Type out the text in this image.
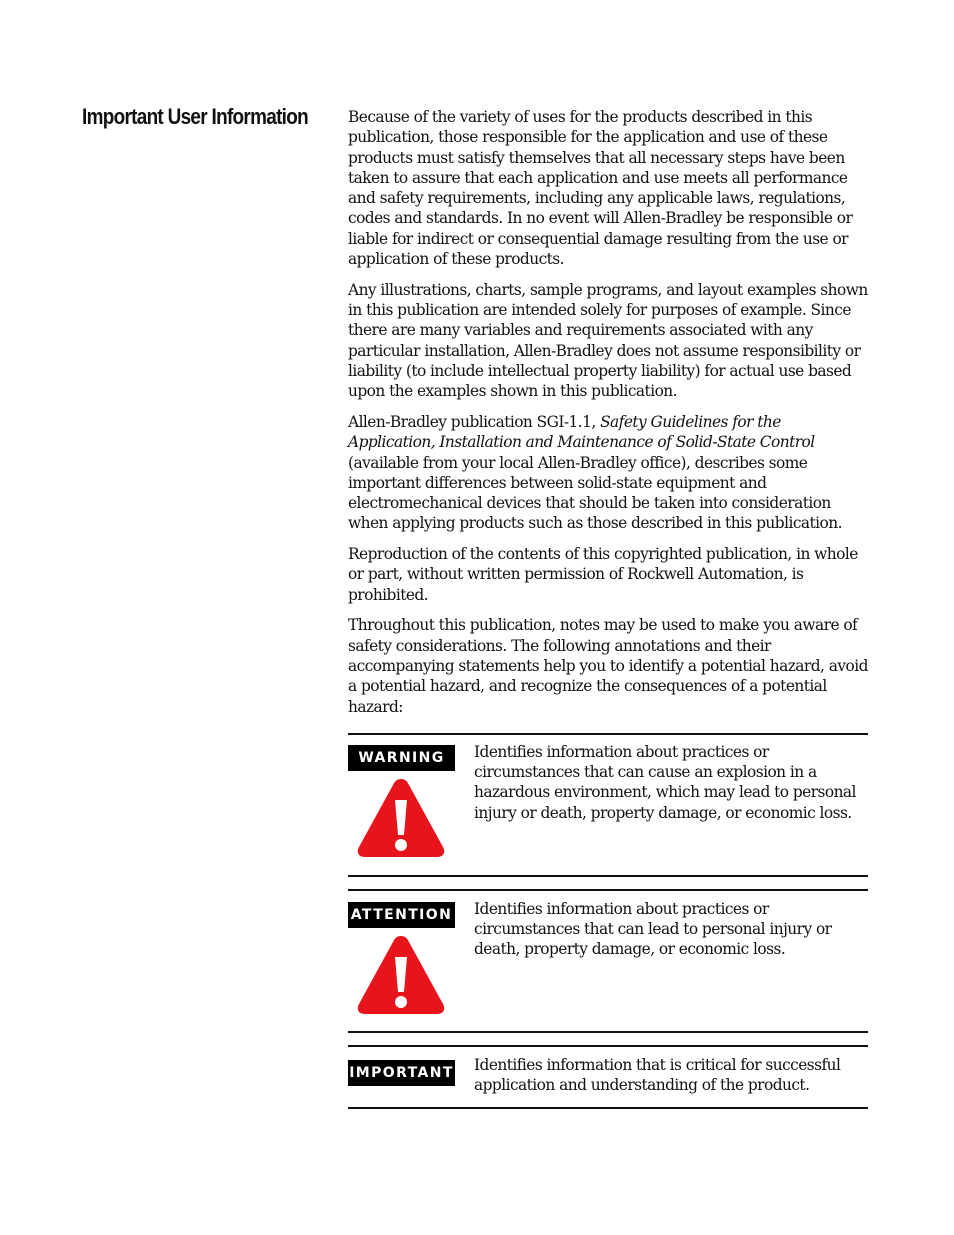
Important User Information	Because of the variety of uses for the products described in this publication, those responsible for the application and use of these products must satisfy themselves that all necessary steps have been taken to assure that each application and use meets all performance and safety requirements, including any applicable laws, regulations, codes and standards. In no event will Allen-Bradley be responsible or liable for indirect or consequential damage resulting from the use or application of these products.

Any illustrations, charts, sample programs, and layout examples shown in this publication are intended solely for purposes of example. Since there are many variables and requirements associated with any particular installation, Allen-Bradley does not assume responsibility or liability (to include intellectual property liability) for actual use based upon the examples shown in this publication.

Allen-Bradley publication SGI-1.1, Safety Guidelines for the Application, Installation and Maintenance of Solid-State Control (available from your local Allen-Bradley office), describes some important differences between solid-state equipment and electromechanical devices that should be taken into consideration when applying products such as those described in this publication.

Reproduction of the contents of this copyrighted publication, in whole or part, without written permission of Rockwell Automation, is prohibited.

Throughout this publication, notes may be used to make you aware of safety considerations. The following annotations and their accompanying statements help you to identify a potential hazard, avoid a potential hazard, and recognize the consequences of a potential hazard:

WARNING	Identifies information about practices or circumstances that can cause an explosion in a hazardous environment, which may lead to personal injury or death, property damage, or economic loss.

ATTENTION Identifies information about practices or circumstances that can lead to personal injury or death, property damage, or economic loss.

IMPORTANT Identifies information that is critical for successful application and understanding of the product.
